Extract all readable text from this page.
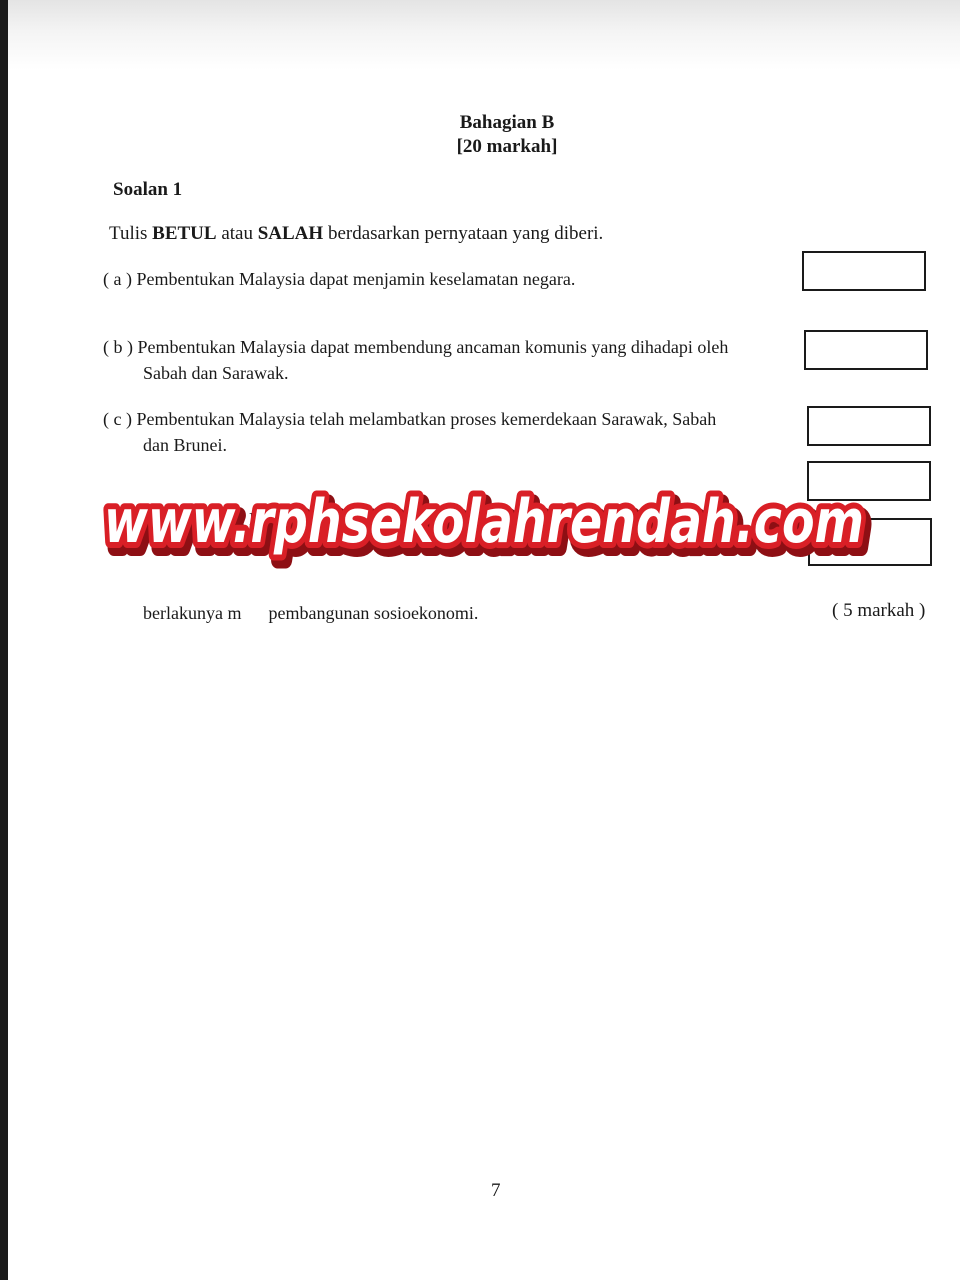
Bahagian B
[20 markah]
Soalan 1
Tulis BETUL atau SALAH berdasarkan pernyataan yang diberi.
( a ) Pembentukan Malaysia dapat menjamin keselamatan negara.
( b ) Pembentukan Malaysia dapat membendung ancaman komunis yang dihadapi oleh
Sabah dan Sarawak.
( c ) Pembentukan Malaysia telah melambatkan proses kemerdekaan Sarawak, Sabah
dan Brunei.

( d ) Pembentukan Malav      lah mer      bk      es      angan kaum.

berlakunya m      pembangunan sosioekonomi.

www.rphsekolahrendah.com
www.rphsekolahrendah.com
www.rphsekolahrendah.com
( 5 markah )
7
